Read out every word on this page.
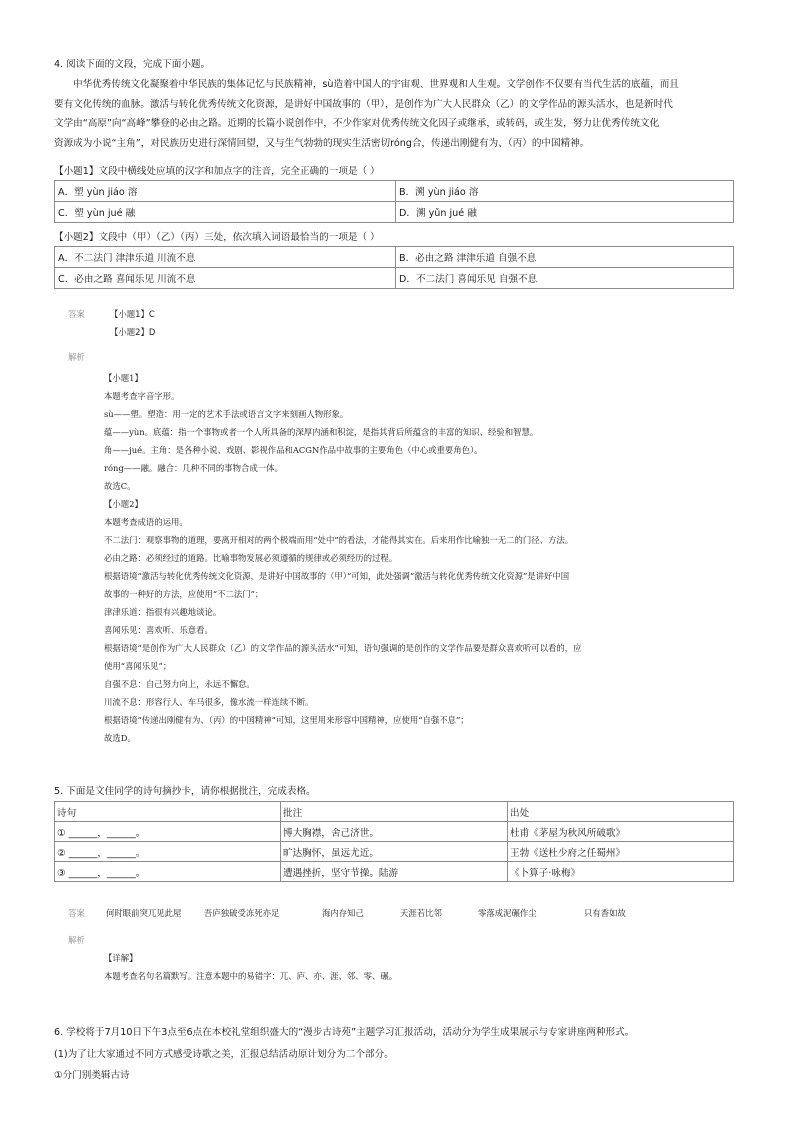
4. 阅读下面的文段，完成下面小题。

中华优秀传统文化凝聚着中华民族的集体记忆与民族精神，sù造着中国人的宇宙观、世界观和人生观。文学创作不仅要有当代生活的底蕴，而且

要有文化传统的血脉。激活与转化优秀传统文化资源，是讲好中国故事的（甲），是创作为广大人民群众（乙）的文学作品的源头活水，也是新时代
文学由“高原”向“高峰”攀登的必由之路。近期的长篇小说创作中，不少作家对优秀传统文化因子或继承，或转码，或生发，努力让优秀传统文化
资源成为小说“主角”，对民族历史进行深情回望，又与生气勃勃的现实生活密切róng合，传递出刚健有为、（丙）的中国精神。
【小题1】文段中横线处应填的汉字和加点字的注音，完全正确的一项是（ ）
A．塑 yùn jiáo 溶	B．溯 yùn jiáo 溶
C．塑 yùn jué 融	D．溯 yǔn jué 融
【小题2】文段中（甲）（乙）（丙）三处，依次填入词语最恰当的一项是（ ）
A．不二法门 津津乐道 川流不息	B．必由之路 津津乐道 自强不息
C．必由之路 喜闻乐见 川流不息	D．不二法门 喜闻乐见 自强不息
答案	【小题1】C
【小题2】D
解析
【小题1】
本题考查字音字形。
sù——塑。塑造：用一定的艺术手法或语言文字来刻画人物形象。
蕴——yùn。底蕴：指一个事物或者一个人所具备的深厚内涵和积淀，是指其背后所蕴含的丰富的知识、经验和智慧。
角——jué。主角：是各种小说、戏剧、影视作品和ACGN作品中故事的主要角色（中心或重要角色）。
róng——融。融合：几种不同的事物合成一体。
故选C。
【小题2】
本题考查成语的运用。
不二法门：观察事物的道理，要离开相对的两个极端而用“处中”的看法，才能得其实在。后来用作比喻独一无二的门径、方法。
必由之路：必须经过的道路。比喻事物发展必须遵循的规律或必须经历的过程。
根据语境“激活与转化优秀传统文化资源，是讲好中国故事的（甲）”可知，此处强调“激活与转化优秀传统文化资源”是讲好中国
故事的一种好的方法，应使用“不二法门”；
津津乐道：指很有兴趣地谈论。
喜闻乐见：喜欢听、乐意看。
根据语境“是创作为广大人民群众（乙）的文学作品的源头活水”可知，语句强调的是创作的文学作品要是群众喜欢听可以看的，应
使用“喜闻乐见”；
自强不息：自己努力向上，永远不懈怠。
川流不息：形容行人、车马很多，像水流一样连续不断。
根据语境“传递出刚健有为、（丙）的中国精神”可知，这里用来形容中国精神，应使用“自强不息”；
故选D。
5. 下面是文佳同学的诗句摘抄卡，请你根据批注，完成表格。
诗句	批注	出处
① ______，______。	博大胸襟，舍己济世。	杜甫《茅屋为秋风所破歌》
② ______，______。	旷达胸怀，虽远尤近。	王勃《送杜少府之任蜀州》
③ ______，______。	遭遇挫折，坚守节操。陆游	《卜算子·咏梅》
答案	何时眼前突兀见此屋	吾庐独破受冻死亦足	海内存知己	天涯若比邻	零落成泥碾作尘	只有香如故
解析
【详解】
本题考查名句名篇默写。注意本题中的易错字：兀、庐、亦、涯、邻、零、碾。
6. 学校将于7月10日下午3点至6点在本校礼堂组织盛大的“漫步古诗苑”主题学习汇报活动，活动分为学生成果展示与专家讲座两种形式。
(1)为了让大家通过不同方式感受诗歌之美，汇报总结活动原计划分为二个部分。
①分门别类辑古诗
